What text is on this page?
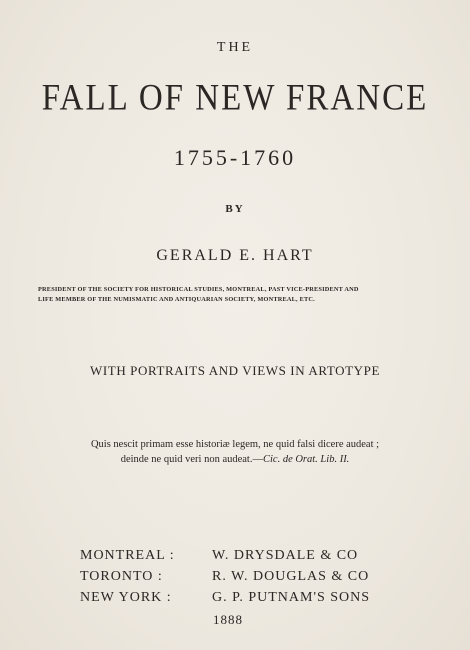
THE
FALL OF NEW FRANCE
1755-1760
BY
GERALD E. HART
PRESIDENT OF THE SOCIETY FOR HISTORICAL STUDIES, MONTREAL, PAST VICE-PRESIDENT AND
LIFE MEMBER OF THE NUMISMATIC AND ANTIQUARIAN SOCIETY, MONTREAL, ETC.
WITH PORTRAITS AND VIEWS IN ARTOTYPE
Quis nescit primam esse historiæ legem, ne quid falsi dicere audeat ;
deinde ne quid veri non audeat.—Cic. de Orat. Lib. II.
MONTREAL :	W. DRYSDALE & CO
TORONTO :	R. W. DOUGLAS & CO
NEW YORK :	G. P. PUTNAM'S SONS
1888
